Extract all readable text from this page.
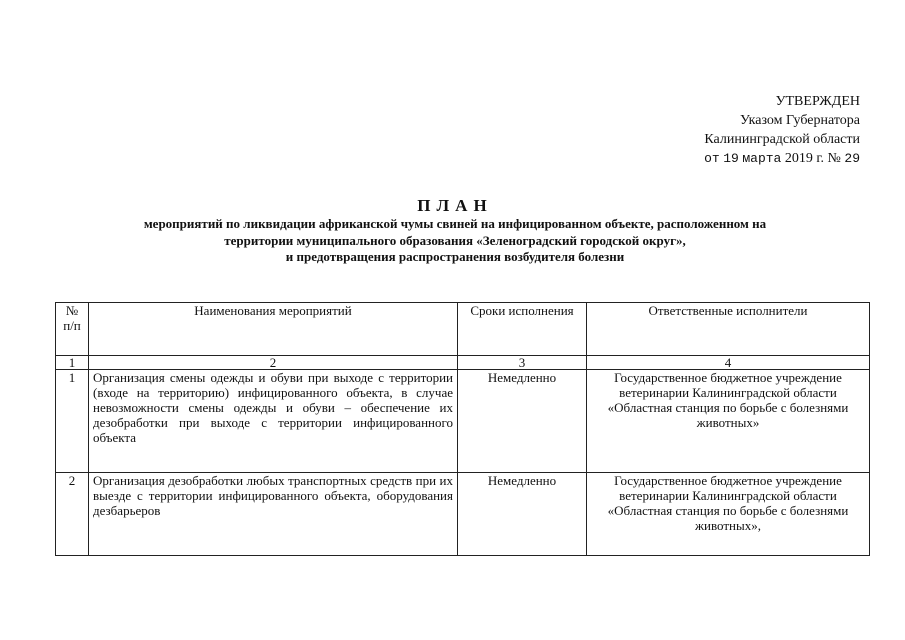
УТВЕРЖДЕН
Указом Губернатора
Калининградской области
от 19 марта 2019 г. № 29
ПЛАН
мероприятий по ликвидации африканской чумы свиней на инфицированном объекте, расположенном на
территории муниципального образования «Зеленоградский городской округ»,
и предотвращения распространения возбудителя болезни
№ п/п	Наименования мероприятий	Сроки исполнения	Ответственные исполнители
1	2	3	4
1	Организация смены одежды и обуви при выходе с территории (входе на территорию) инфицированного объекта, в случае невозможности смены одежды и обуви – обеспечение их дезобработки при выходе с территории инфицированного объекта	Немедленно	Государственное бюджетное учреждение ветеринарии Калининградской области «Областная станция по борьбе с болезнями животных»
2	Организация дезобработки любых транспортных средств при их выезде с территории инфицированного объекта, оборудования дезбарьеров	Немедленно	Государственное бюджетное учреждение ветеринарии Калининградской области «Областная станция по борьбе с болезнями животных»,
